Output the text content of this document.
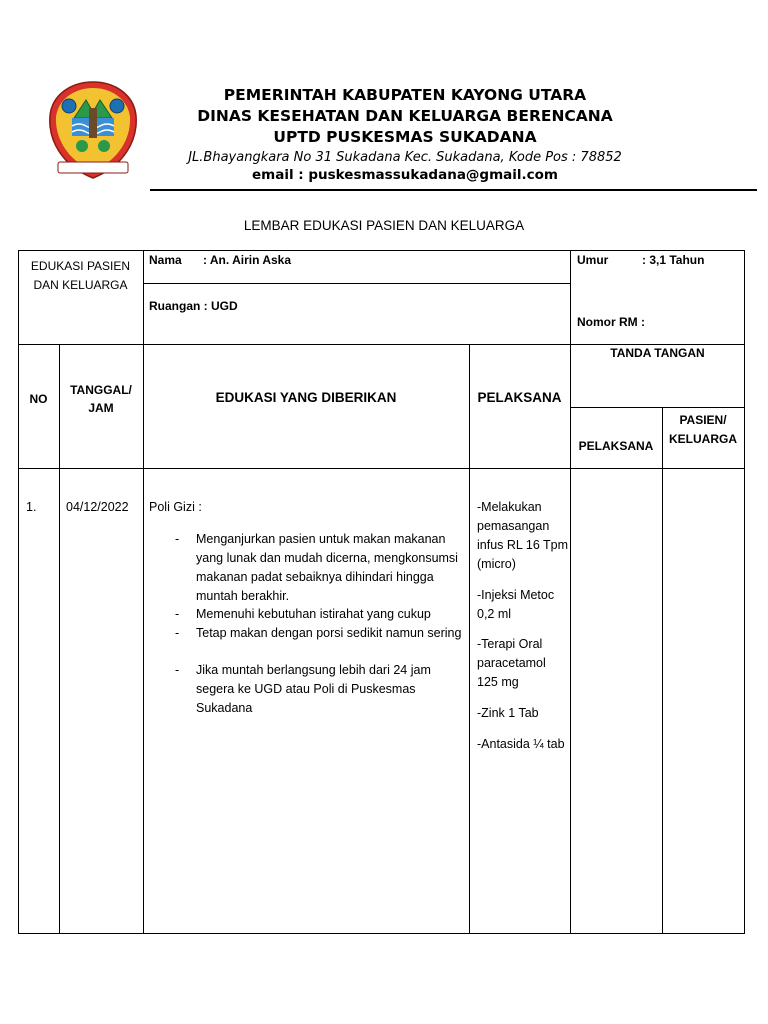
PEMERINTAH KABUPATEN KAYONG UTARA
DINAS KESEHATAN DAN KELUARGA BERENCANA
UPTD PUSKESMAS SUKADANA
JL.Bhayangkara No 31 Sukadana Kec. Sukadana, Kode Pos : 78852
email : puskesmassukadana@gmail.com
LEMBAR EDUKASI PASIEN DAN KELUARGA
EDUKASI PASIEN
DAN KELUARGA
Nama : An. Airin Aska
Ruangan : UGD
Umur	: 3,1 Tahun
Nomor RM :
NO
TANGGAL/
JAM
EDUKASI YANG DIBERIKAN	PELAKSANA
TANDA TANGAN
PELAKSANA
PASIEN/
KELUARGA
1. 04/12/2022 Poli Gizi :
- Menganjurkan pasien untuk makan makanan yang lunak dan mudah dicerna, mengkonsumsi makanan padat sebaiknya dihindari hingga muntah berakhir.
- Memenuhi kebutuhan istirahat yang cukup
- Tetap makan dengan porsi sedikit namun sering
- Jika muntah berlangsung lebih dari 24 jam segera ke UGD atau Poli di Puskesmas Sukadana
-Melakukan pemasangan infus RL 16 Tpm (micro)
-Injeksi Metoc 0,2 ml
-Terapi Oral paracetamol 125 mg
-Zink 1 Tab
-Antasida ¼ tab
